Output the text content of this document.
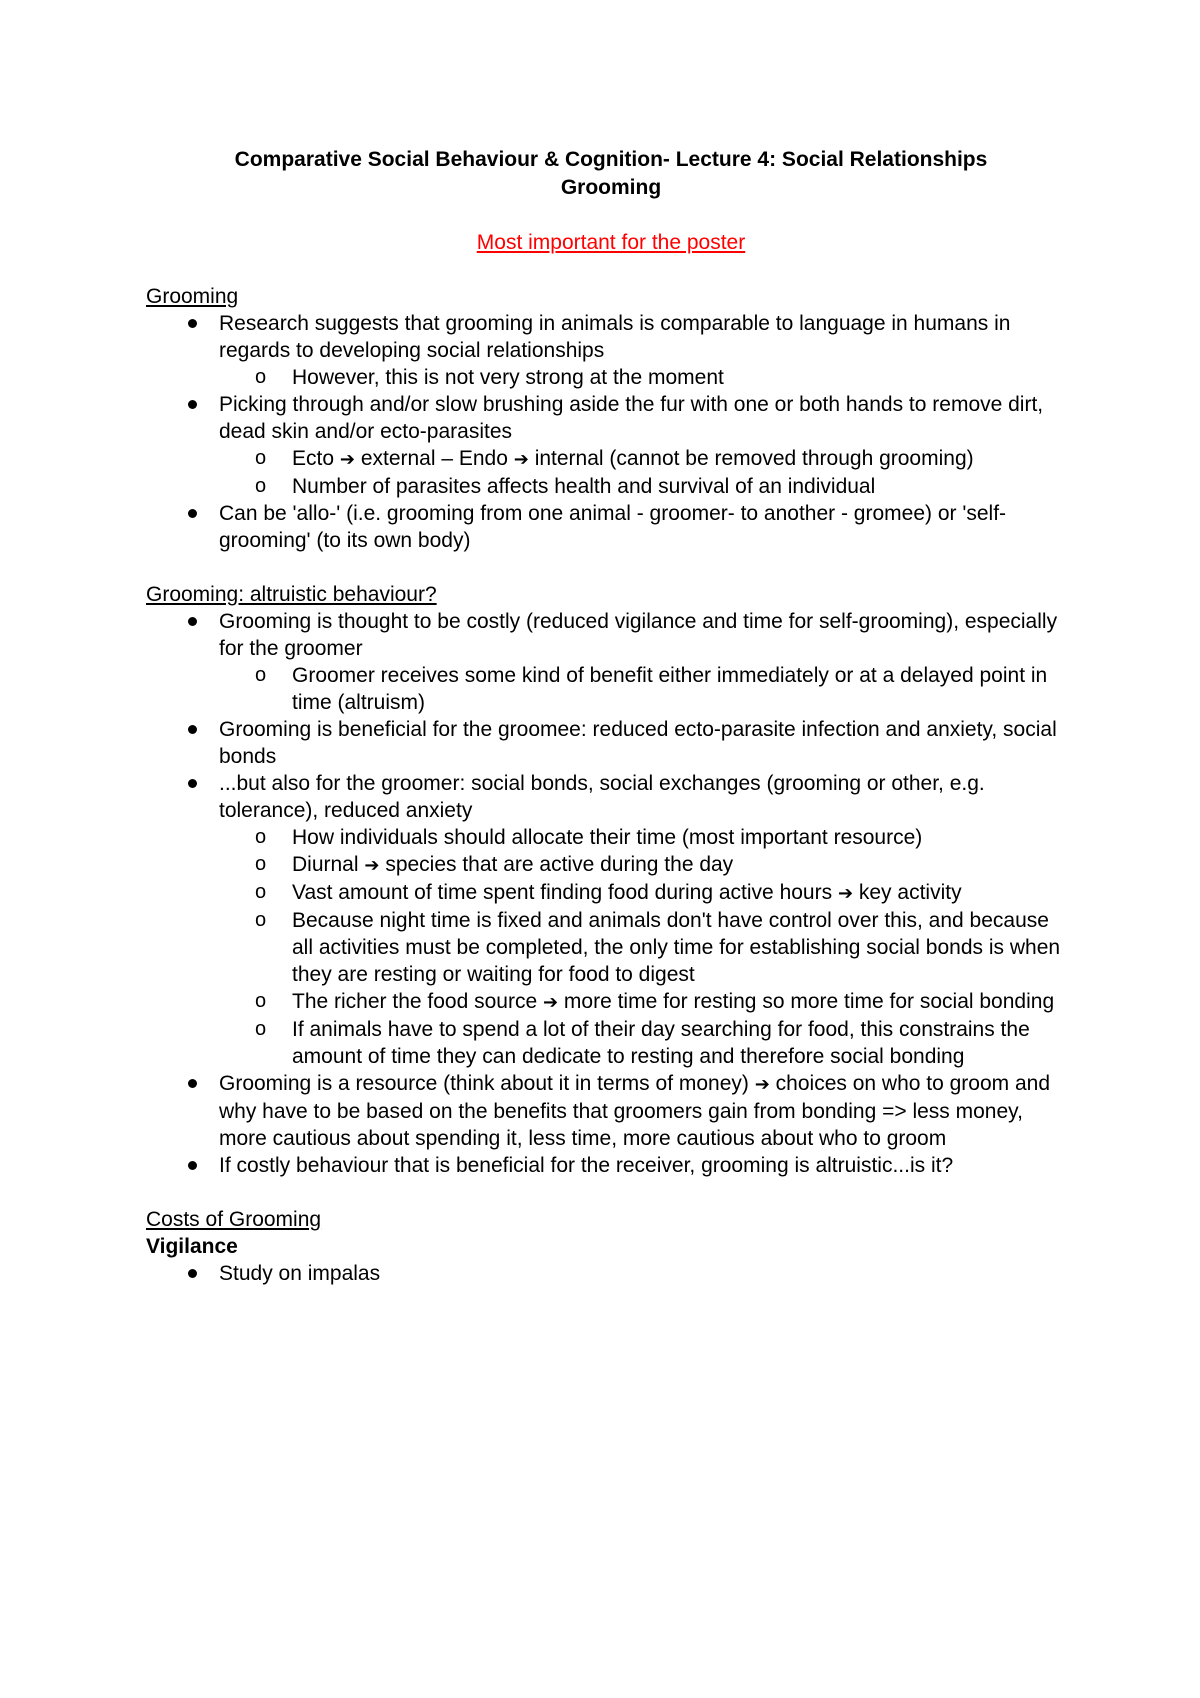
Comparative Social Behaviour & Cognition- Lecture 4: Social Relationships
Grooming
Most important for the poster
Grooming
Research suggests that grooming in animals is comparable to language in humans in regards to developing social relationships
o However, this is not very strong at the moment
Picking through and/or slow brushing aside the fur with one or both hands to remove dirt, dead skin and/or ecto-parasites
o Ecto ➔ external – Endo ➔ internal (cannot be removed through grooming)
o Number of parasites affects health and survival of an individual
Can be 'allo-' (i.e. grooming from one animal - groomer- to another - gromee) or 'self-grooming' (to its own body)
Grooming: altruistic behaviour?
Grooming is thought to be costly (reduced vigilance and time for self-grooming), especially for the groomer
o Groomer receives some kind of benefit either immediately or at a delayed point in time (altruism)
Grooming is beneficial for the groomee: reduced ecto-parasite infection and anxiety, social bonds
...but also for the groomer: social bonds, social exchanges (grooming or other, e.g. tolerance), reduced anxiety
o How individuals should allocate their time (most important resource)
o Diurnal ➔ species that are active during the day
o Vast amount of time spent finding food during active hours ➔ key activity
o Because night time is fixed and animals don't have control over this, and because all activities must be completed, the only time for establishing social bonds is when they are resting or waiting for food to digest
o The richer the food source ➔ more time for resting so more time for social bonding
o If animals have to spend a lot of their day searching for food, this constrains the amount of time they can dedicate to resting and therefore social bonding
Grooming is a resource (think about it in terms of money) ➔ choices on who to groom and why have to be based on the benefits that groomers gain from bonding => less money, more cautious about spending it, less time, more cautious about who to groom
If costly behaviour that is beneficial for the receiver, grooming is altruistic...is it?
Costs of Grooming
Vigilance
Study on impalas
